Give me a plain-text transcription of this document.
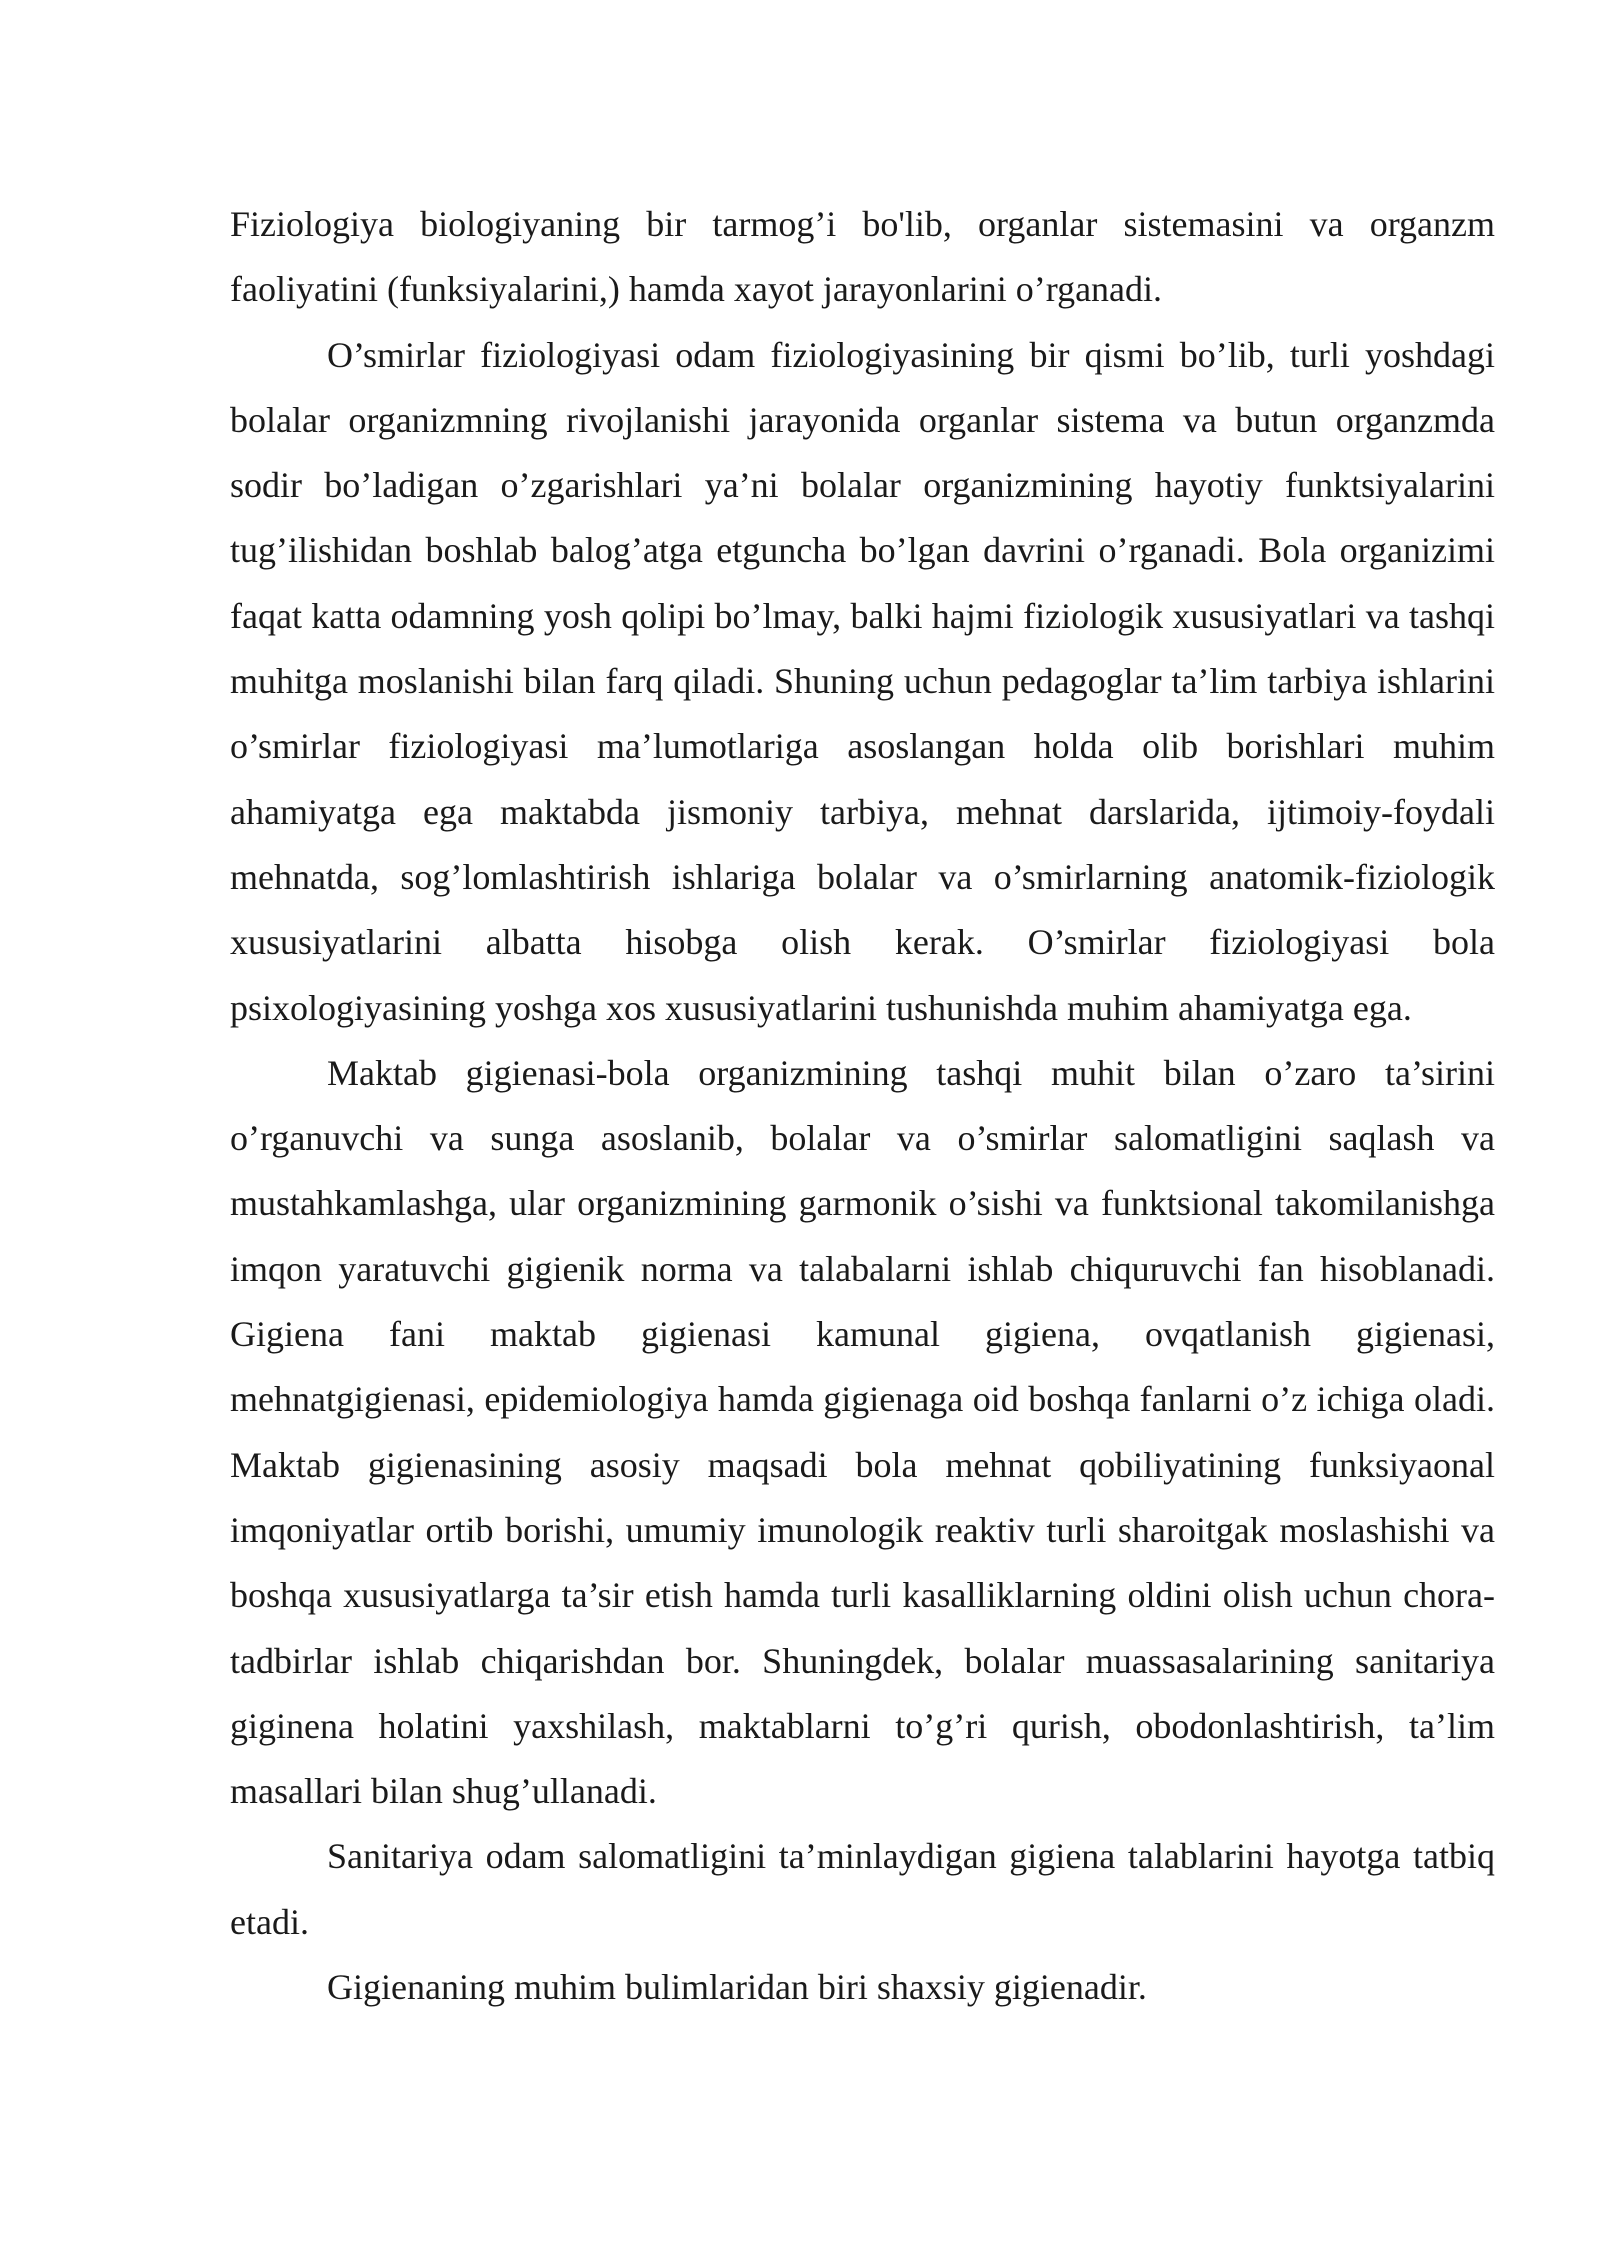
Fiziologiya biologiyaning bir tarmog’i bo'lib, organlar sistemasini va organzm faoliyatini (funksiyalarini,) hamda xayot jarayonlarini o’rganadi.

O’smirlar fiziologiyasi odam fiziologiyasining bir qismi bo’lib, turli yoshdagi bolalar organizmning rivojlanishi jarayonida organlar sistema va butun organzmda sodir bo’ladigan o’zgarishlari ya’ni bolalar organizmining hayotiy funktsiyalarini tug’ilishidan boshlab balog’atga etguncha bo’lgan davrini o’rganadi. Bola organizimi faqat katta odamning yosh qolipi bo’lmay, balki hajmi fiziologik xususiyatlari va tashqi muhitga moslanishi bilan farq qiladi. Shuning uchun pedagoglar ta’lim tarbiya ishlarini o’smirlar fiziologiyasi ma’lumotlariga asoslangan holda olib borishlari muhim ahamiyatga ega maktabda jismoniy tarbiya, mehnat darslarida, ijtimoiy-foydali mehnatda, sog’lomlashtirish ishlariga bolalar va o’smirlarning anatomik-fiziologik xususiyatlarini albatta hisobga olish kerak. O’smirlar fiziologiyasi bola psixologiyasining yoshga xos xususiyatlarini tushunishda muhim ahamiyatga ega.

Maktab gigienasi-bola organizmining tashqi muhit bilan o’zaro ta’sirini o’rganuvchi va sunga asoslanib, bolalar va o’smirlar salomatligini saqlash va mustahkamlashga, ular organizmining garmonik o’sishi va funktsional takomilanishga imqon yaratuvchi gigienik norma va talabalarni ishlab chiquruvchi fan hisoblanadi. Gigiena fani maktab gigienasi kamunal gigiena, ovqatlanish gigienasi, mehnatgigienasi, epidemiologiya hamda gigienaga oid boshqa fanlarni o’z ichiga oladi. Maktab gigienasining asosiy maqsadi bola mehnat qobiliyatining funksiyaonal imqoniyatlar ortib borishi, umumiy imunologik reaktiv turli sharoitgak moslashishi va boshqa xususiyatlarga ta’sir etish hamda turli kasalliklarning oldini olish uchun chora-tadbirlar ishlab chiqarishdan bor. Shuningdek, bolalar muassasalarining sanitariya giginena holatini yaxshilash, maktablarni to’g’ri qurish, obodonlashtirish, ta’lim masallari bilan shug’ullanadi.

Sanitariya odam salomatligini ta’minlaydigan gigiena talablarini hayotga tatbiq etadi.

Gigienaning muhim bulimlaridan biri shaxsiy gigienadir.
